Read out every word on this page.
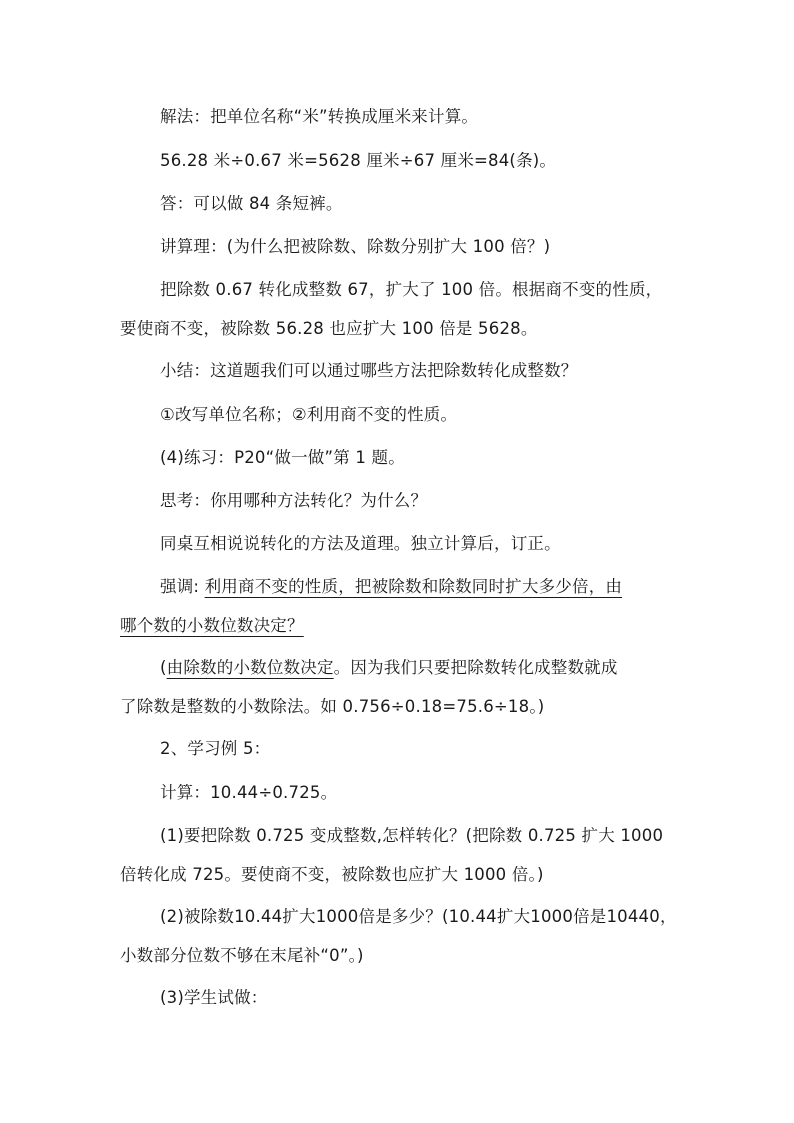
解法：把单位名称“米”转换成厘米来计算。
56.28 米÷0.67 米=5628 厘米÷67 厘米=84(条)。
答：可以做 84 条短裤。
讲算理：(为什么把被除数、除数分别扩大 100 倍？)
把除数 0.67 转化成整数 67，扩大了 100 倍。根据商不变的性质，
要使商不变，被除数 56.28 也应扩大 100 倍是 5628。
小结：这道题我们可以通过哪些方法把除数转化成整数？
①改写单位名称；②利用商不变的性质。
(4)练习：P20“做一做”第 1 题。
思考：你用哪种方法转化？为什么？
同桌互相说说转化的方法及道理。独立计算后，订正。
强调: 利用商不变的性质，把被除数和除数同时扩大多少倍，由
哪个数的小数位数决定？
(由除数的小数位数决定。因为我们只要把除数转化成整数就成
了除数是整数的小数除法。如 0.756÷0.18=75.6÷18。)
2、学习例 5：
计算：10.44÷0.725。
(1)要把除数 0.725 变成整数,怎样转化？(把除数 0.725 扩大 1000
倍转化成 725。要使商不变，被除数也应扩大 1000 倍。)
(2)被除数10.44扩大1000倍是多少？(10.44扩大1000倍是10440，
小数部分位数不够在末尾补“0”。)
(3)学生试做：
